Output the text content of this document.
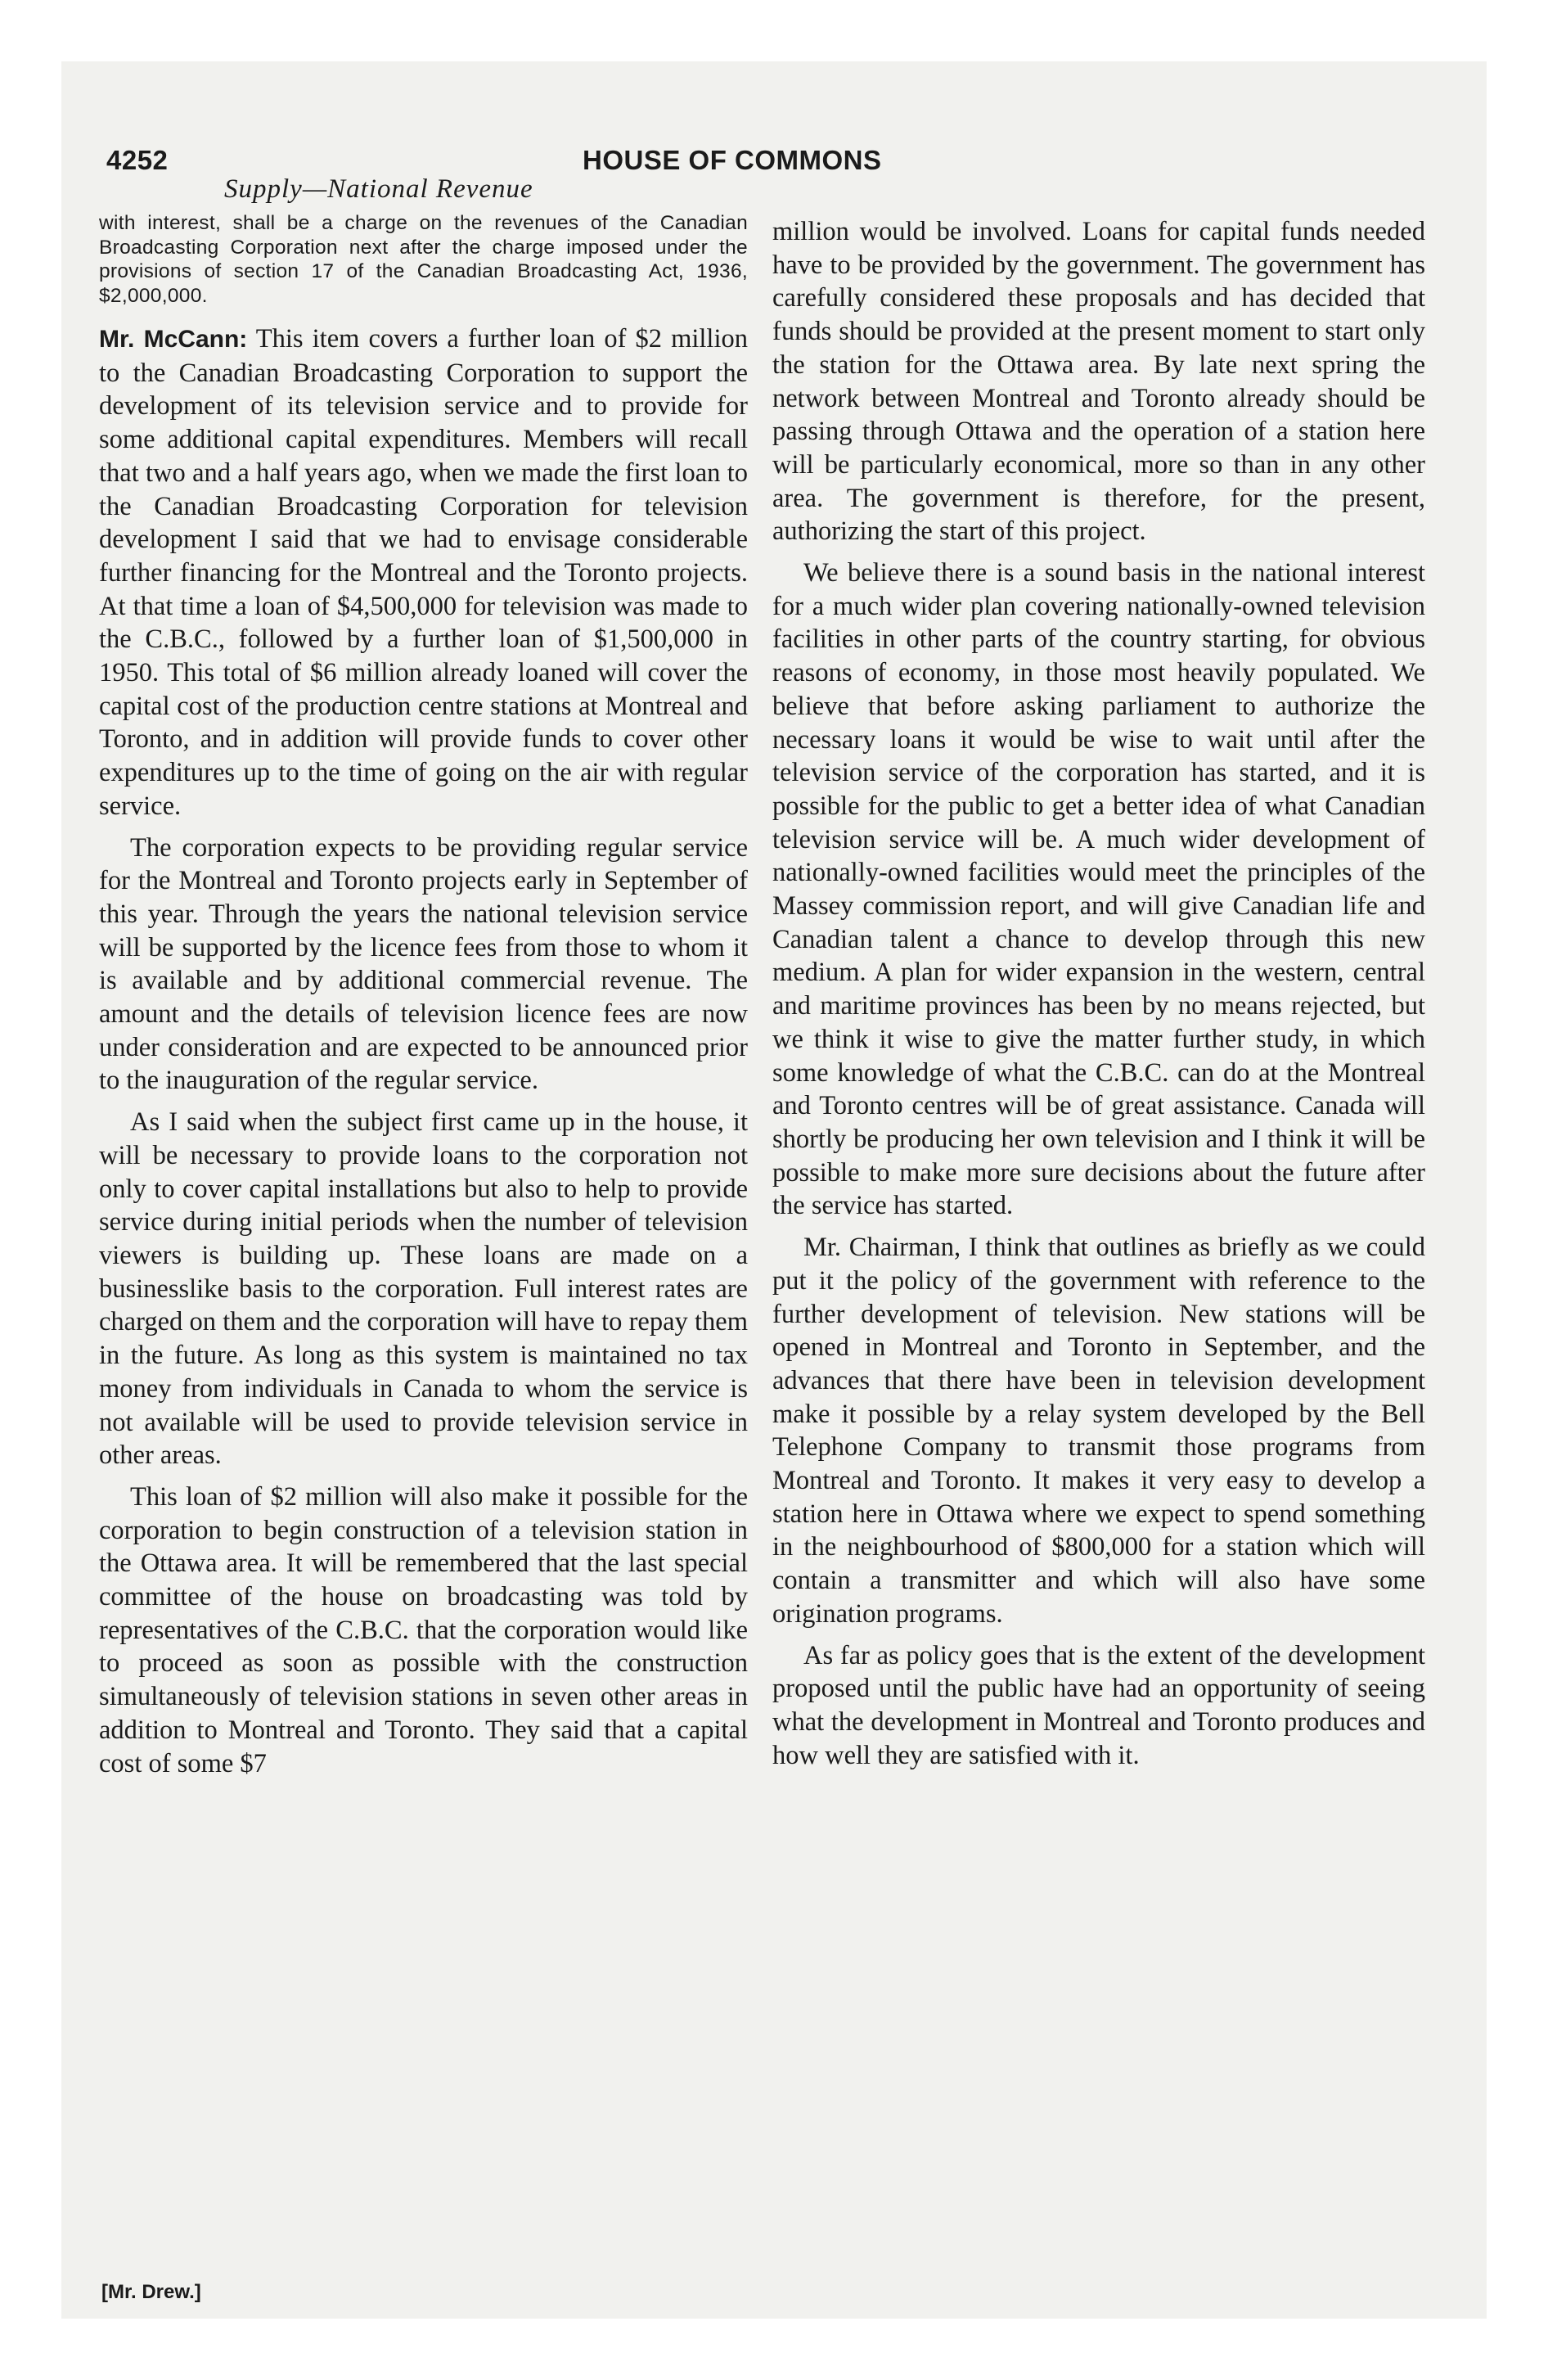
4252	HOUSE OF COMMONS
Supply—National Revenue

with interest, shall be a charge on the revenues of the Canadian Broadcasting Corporation next after the charge imposed under the provisions of section 17 of the Canadian Broadcasting Act, 1936, $2,000,000.

Mr. McCann: This item covers a further loan of $2 million to the Canadian Broadcasting Corporation to support the development of its television service and to provide for some additional capital expenditures. Members will recall that two and a half years ago, when we made the first loan to the Canadian Broadcasting Corporation for television development I said that we had to envisage considerable further financing for the Montreal and the Toronto projects. At that time a loan of $4,500,000 for television was made to the C.B.C., followed by a further loan of $1,500,000 in 1950. This total of $6 million already loaned will cover the capital cost of the production centre stations at Montreal and Toronto, and in addition will provide funds to cover other expenditures up to the time of going on the air with regular service.

The corporation expects to be providing regular service for the Montreal and Toronto projects early in September of this year. Through the years the national television service will be supported by the licence fees from those to whom it is available and by additional commercial revenue. The amount and the details of television licence fees are now under consideration and are expected to be announced prior to the inauguration of the regular service.

As I said when the subject first came up in the house, it will be necessary to provide loans to the corporation not only to cover capital installations but also to help to provide service during initial periods when the number of television viewers is building up. These loans are made on a businesslike basis to the corporation. Full interest rates are charged on them and the corporation will have to repay them in the future. As long as this system is maintained no tax money from individuals in Canada to whom the service is not available will be used to provide television service in other areas.

This loan of $2 million will also make it possible for the corporation to begin construction of a television station in the Ottawa area. It will be remembered that the last special committee of the house on broadcasting was told by representatives of the C.B.C. that the corporation would like to proceed as soon as possible with the construction simultaneously of television stations in seven other areas in addition to Montreal and Toronto. They said that a capital cost of some $7

million would be involved. Loans for capital funds needed have to be provided by the government. The government has carefully considered these proposals and has decided that funds should be provided at the present moment to start only the station for the Ottawa area. By late next spring the network between Montreal and Toronto already should be passing through Ottawa and the operation of a station here will be particularly economical, more so than in any other area. The government is therefore, for the present, authorizing the start of this project.

We believe there is a sound basis in the national interest for a much wider plan covering nationally-owned television facilities in other parts of the country starting, for obvious reasons of economy, in those most heavily populated. We believe that before asking parliament to authorize the necessary loans it would be wise to wait until after the television service of the corporation has started, and it is possible for the public to get a better idea of what Canadian television service will be. A much wider development of nationally-owned facilities would meet the principles of the Massey commission report, and will give Canadian life and Canadian talent a chance to develop through this new medium. A plan for wider expansion in the western, central and maritime provinces has been by no means rejected, but we think it wise to give the matter further study, in which some knowledge of what the C.B.C. can do at the Montreal and Toronto centres will be of great assistance. Canada will shortly be producing her own television and I think it will be possible to make more sure decisions about the future after the service has started.

Mr. Chairman, I think that outlines as briefly as we could put it the policy of the government with reference to the further development of television. New stations will be opened in Montreal and Toronto in September, and the advances that there have been in television development make it possible by a relay system developed by the Bell Telephone Company to transmit those programs from Montreal and Toronto. It makes it very easy to develop a station here in Ottawa where we expect to spend something in the neighbourhood of $800,000 for a station which will contain a transmitter and which will also have some origination programs.

As far as policy goes that is the extent of the development proposed until the public have had an opportunity of seeing what the development in Montreal and Toronto produces and how well they are satisfied with it.

[Mr. Drew.]
